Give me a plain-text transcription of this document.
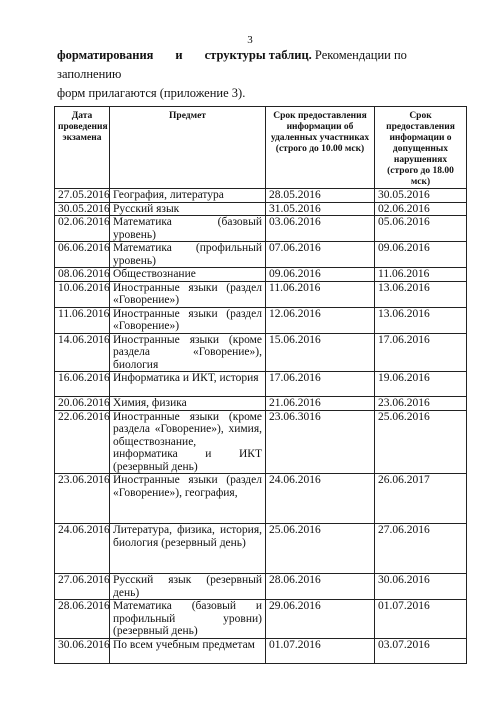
3
форматирования и структуры таблиц. Рекомендации по заполнению
форм прилагаются (приложение 3).
Дата проведения экзамена	Предмет	Срок предоставления информации об удаленных участниках (строго до 10.00 мск)	Срок предоставления информации о допущенных нарушениях (строго до 18.00 мск)
27.05.2016	География, литература	28.05.2016	30.05.2016
30.05.2016	Русский язык	31.05.2016	02.06.2016
02.06.2016	Математика (базовый уровень)	03.06.2016	05.06.2016
06.06.2016	Математика (профильный уровень)	07.06.2016	09.06.2016
08.06.2016	Обществознание	09.06.2016	11.06.2016
10.06.2016	Иностранные языки (раздел «Говорение»)	11.06.2016	13.06.2016
11.06.2016	Иностранные языки (раздел «Говорение»)	12.06.2016	13.06.2016
14.06.2016	Иностранные языки (кроме раздела «Говорение»), биология	15.06.2016	17.06.2016
16.06.2016	Информатика и ИКТ, история	17.06.2016	19.06.2016
20.06.2016	Химия, физика	21.06.2016	23.06.2016
22.06.2016	Иностранные языки (кроме раздела «Говорение»), химия, обществознание, информатика и ИКТ (резервный день)	23.06.3016	25.06.2016
23.06.2016	Иностранные языки (раздел «Говорение»), география,	24.06.2016	26.06.2017
24.06.2016	Литература, физика, история, биология (резервный день)	25.06.2016	27.06.2016
27.06.2016	Русский язык (резервный день)	28.06.2016	30.06.2016
28.06.2016	Математика (базовый и профильный уровни) (резервный день)	29.06.2016	01.07.2016
30.06.2016	По всем учебным предметам	01.07.2016	03.07.2016
